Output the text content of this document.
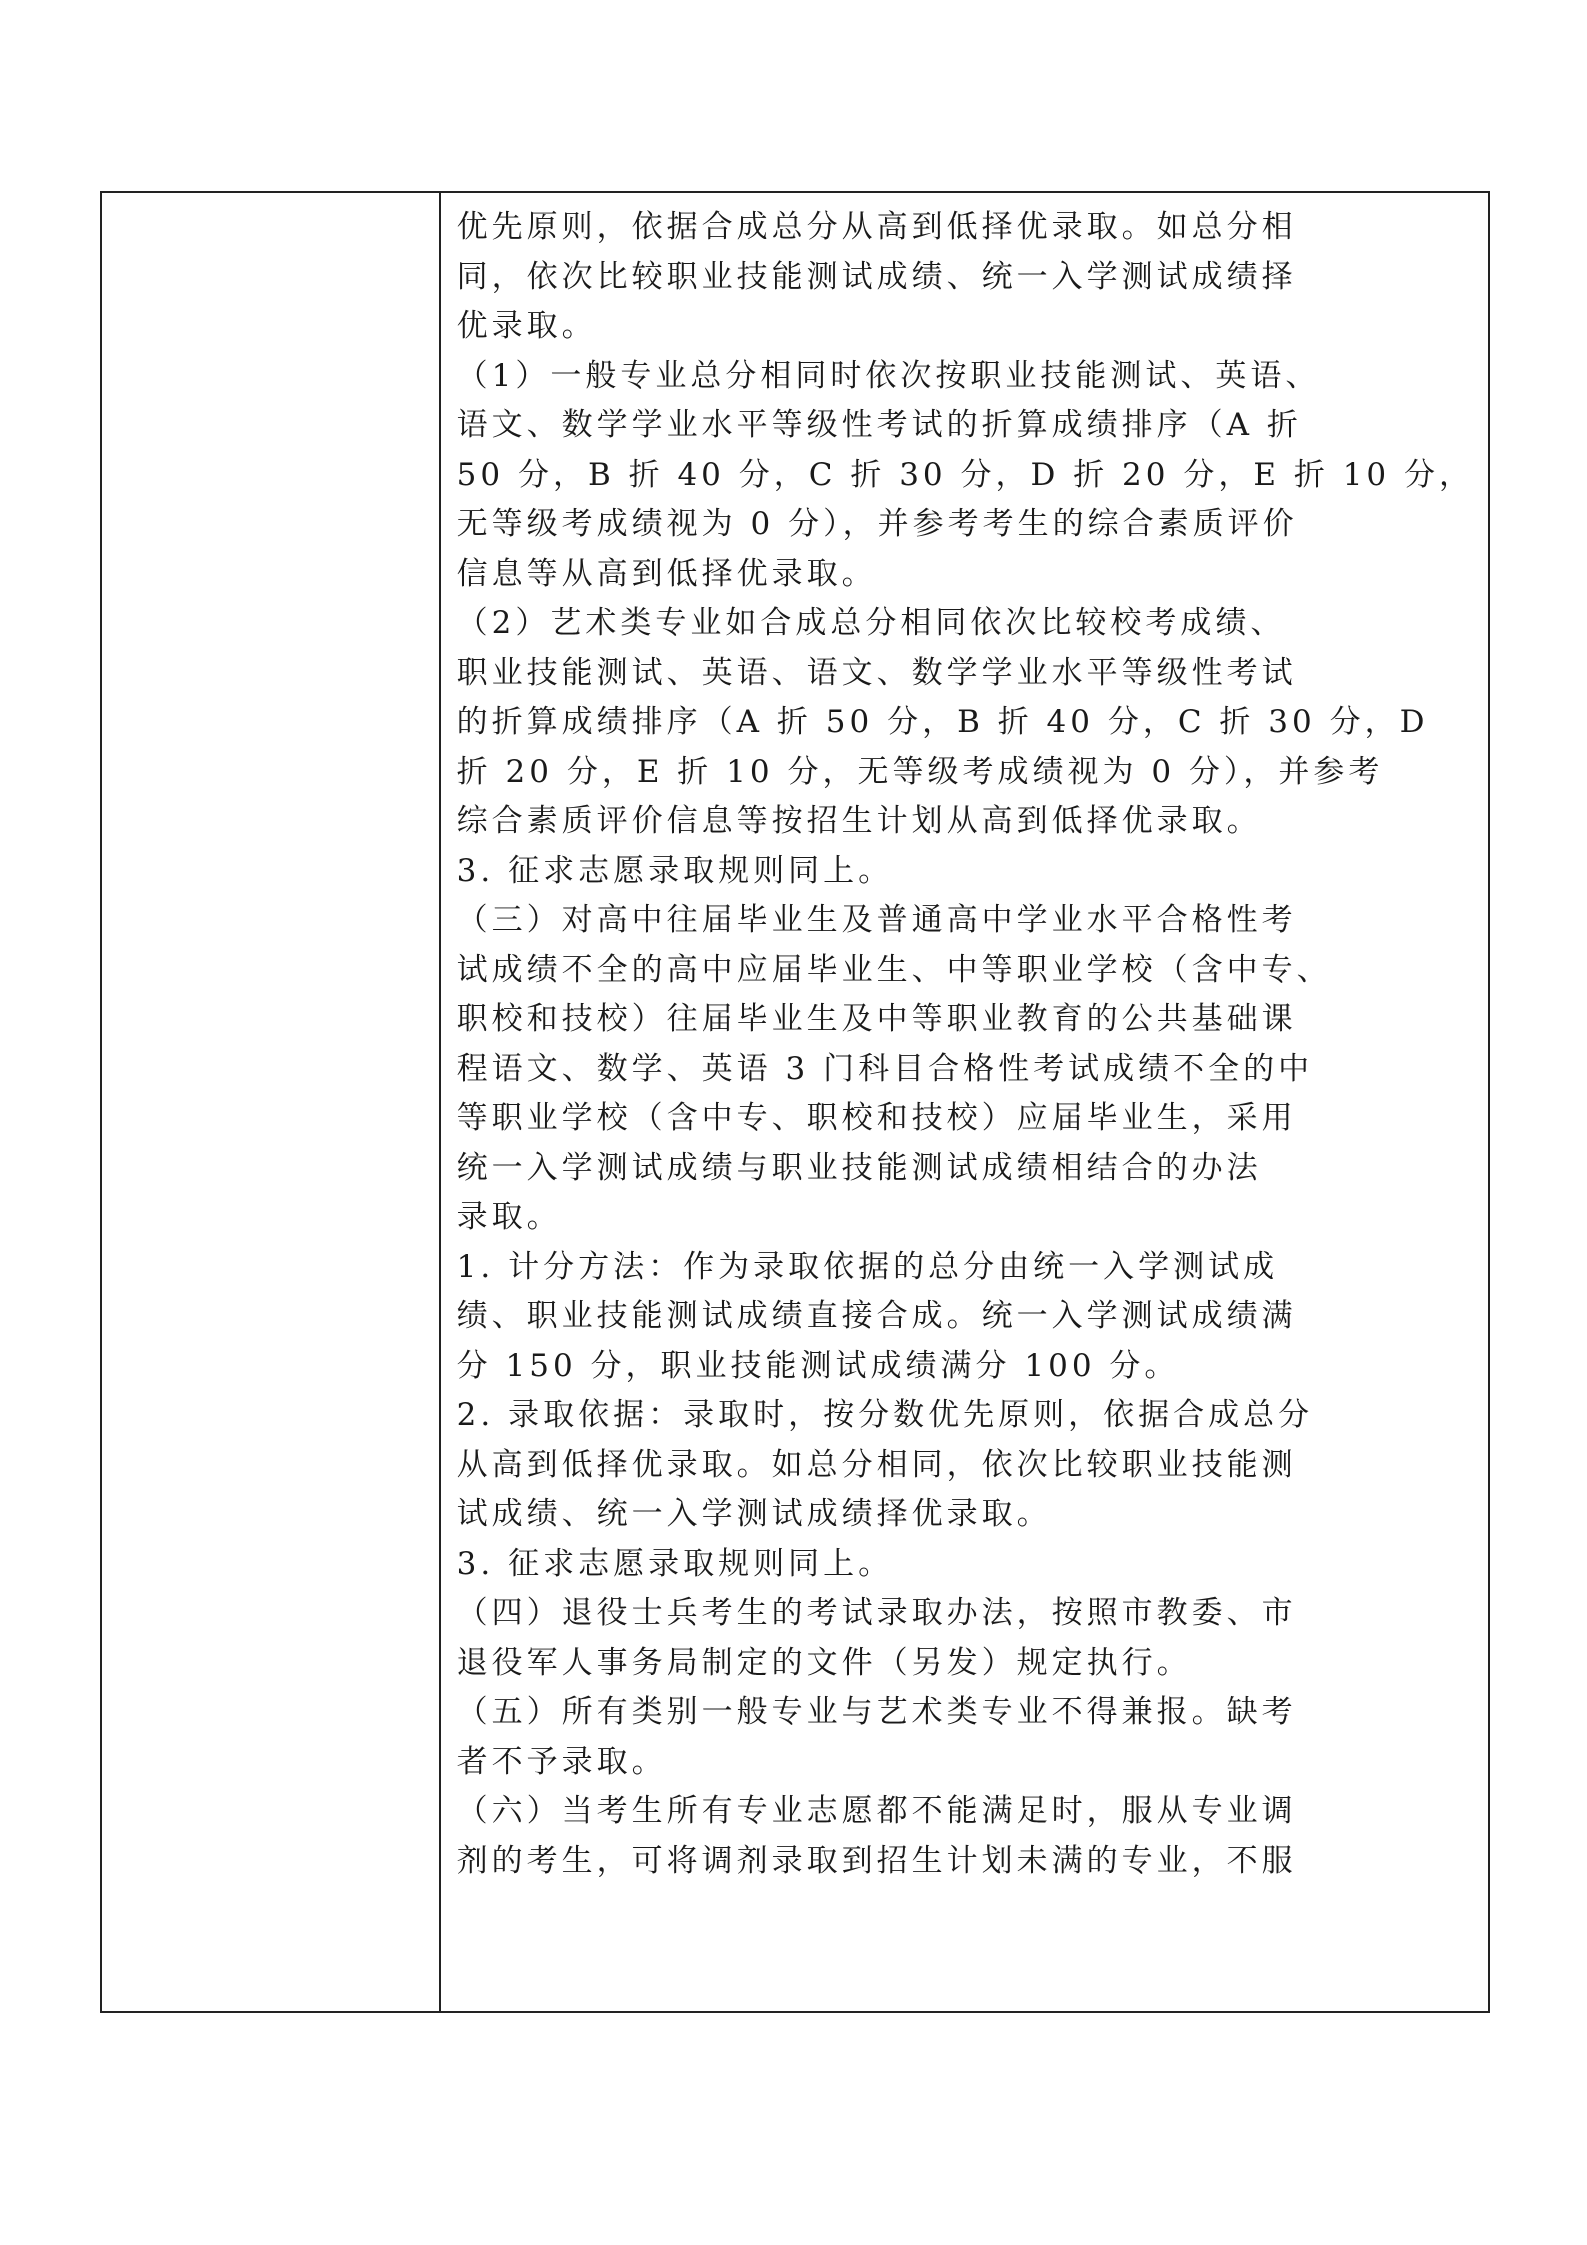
优先原则，依据合成总分从高到低择优录取。如总分相
同，依次比较职业技能测试成绩、统一入学测试成绩择
优录取。
（1）一般专业总分相同时依次按职业技能测试、英语、
语文、数学学业水平等级性考试的折算成绩排序（A 折
50 分，B 折 40 分，C 折 30 分，D 折 20 分，E 折 10 分，
无等级考成绩视为 0 分），并参考考生的综合素质评价
信息等从高到低择优录取。
（2）艺术类专业如合成总分相同依次比较校考成绩、
职业技能测试、英语、语文、数学学业水平等级性考试
的折算成绩排序（A 折 50 分，B 折 40 分，C 折 30 分，D
折 20 分，E 折 10 分，无等级考成绩视为 0 分），并参考
综合素质评价信息等按招生计划从高到低择优录取。
3. 征求志愿录取规则同上。
（三）对高中往届毕业生及普通高中学业水平合格性考
试成绩不全的高中应届毕业生、中等职业学校（含中专、
职校和技校）往届毕业生及中等职业教育的公共基础课
程语文、数学、英语 3 门科目合格性考试成绩不全的中
等职业学校（含中专、职校和技校）应届毕业生，采用
统一入学测试成绩与职业技能测试成绩相结合的办法
录取。
1. 计分方法：作为录取依据的总分由统一入学测试成
绩、职业技能测试成绩直接合成。统一入学测试成绩满
分 150 分，职业技能测试成绩满分 100 分。
2. 录取依据：录取时，按分数优先原则，依据合成总分
从高到低择优录取。如总分相同，依次比较职业技能测
试成绩、统一入学测试成绩择优录取。
3. 征求志愿录取规则同上。
（四）退役士兵考生的考试录取办法，按照市教委、市
退役军人事务局制定的文件（另发）规定执行。
（五）所有类别一般专业与艺术类专业不得兼报。缺考
者不予录取。
（六）当考生所有专业志愿都不能满足时，服从专业调
剂的考生，可将调剂录取到招生计划未满的专业，不服
